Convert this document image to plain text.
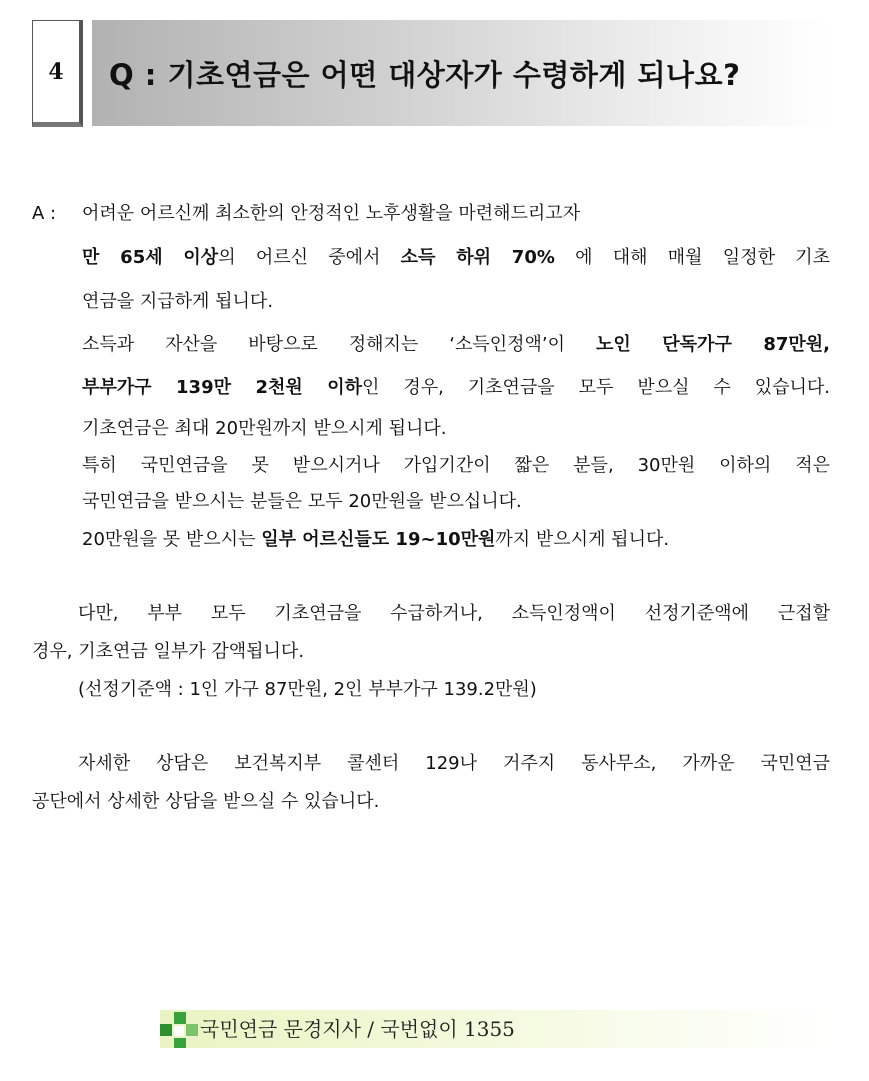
4 Q : 기초연금은 어떤 대상자가 수령하게 되나요?
A : 어려운 어르신께 최소한의 안정적인 노후생활을 마련해드리고자
만 65세 이상의 어르신 중에서 소득 하위 70% 에 대해 매월 일정한 기초
연금을 지급하게 됩니다.
소득과 자산을 바탕으로 정해지는 ‘소득인정액’이 노인 단독가구 87만원,
부부가구 139만 2천원 이하인 경우, 기초연금을 모두 받으실 수 있습니다.
기초연금은 최대 20만원까지 받으시게 됩니다.
특히 국민연금을 못 받으시거나 가입기간이 짧은 분들, 30만원 이하의 적은
국민연금을 받으시는 분들은 모두 20만원을 받으십니다.
20만원을 못 받으시는 일부 어르신들도 19~10만원까지 받으시게 됩니다.
다만, 부부 모두 기초연금을 수급하거나, 소득인정액이 선정기준액에 근접할
경우, 기초연금 일부가 감액됩니다.
(선정기준액 : 1인 가구 87만원, 2인 부부가구 139.2만원)
자세한 상담은 보건복지부 콜센터 129나 거주지 동사무소, 가까운 국민연금
공단에서 상세한 상담을 받으실 수 있습니다.
국민연금 문경지사 / 국번없이 1355
